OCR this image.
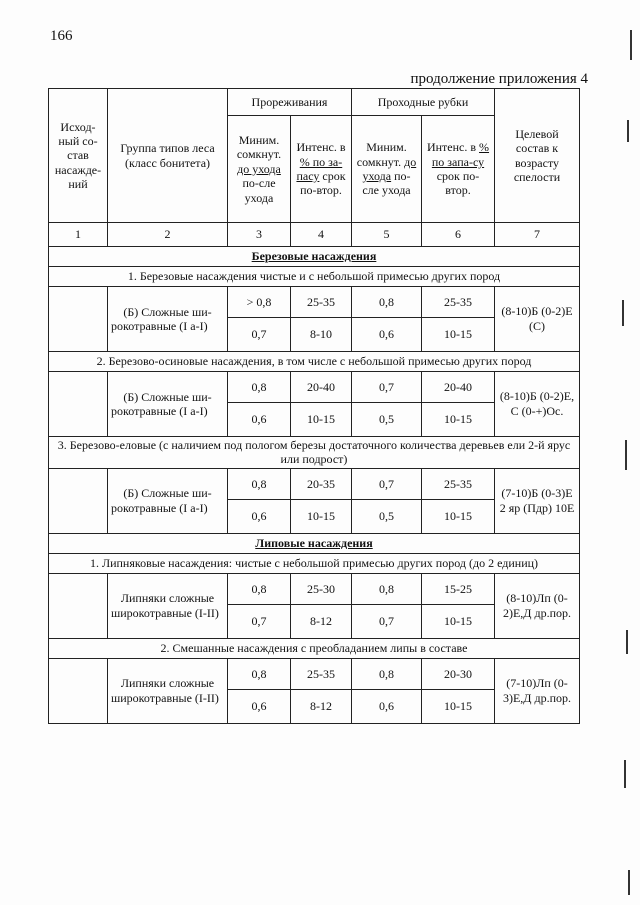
166
продолжение приложения 4
Исход-ный со-став насажде-ний	Группа типов леса (класс бонитета)	Прореживания		Проходные рубки		Целевой состав к возрасту спелости
		Миним. сомкнут. до ухода по-сле ухода	Интенс. в % по за-пасу срок по-втор.	Миним. сомкнут. до ухода по-сле ухода	Интенс. в % по запа-су срок по-втор.	
1	2	3	4	5	6	7
Березовые насаждения						
1. Березовые насаждения чистые и с небольшой примесью других пород						
	(Б) Сложные ши-рокотравные (I а-I)	> 0,8	25-35	0,8	25-35	(8-10)Б (0-2)Е (С)
		0,7	8-10	0,6	10-15	
2. Березово-осиновые насаждения, в том числе с небольшой примесью других пород						
	(Б) Сложные ши-рокотравные (I а-I)	0,8	20-40	0,7	20-40	(8-10)Б (0-2)Е, С (0-+)Ос.
		0,6	10-15	0,5	10-15	
3. Березово-еловые (с наличием под пологом березы достаточного количества деревьев ели 2-й ярус или подрост)						
	(Б) Сложные ши-рокотравные (I а-I)	0,8	20-35	0,7	25-35	(7-10)Б (0-3)Е 2 яр (Пдр) 10Е
		0,6	10-15	0,5	10-15	
Липовые насаждения						
1. Липняковые насаждения: чистые с небольшой примесью других пород (до 2 единиц)						
	Липняки сложные широкотравные (I-II)	0,8	25-30	0,8	15-25	(8-10)Лп (0-2)Е,Д др.пор.
		0,7	8-12	0,7	10-15	
2. Смешанные насаждения с преобладанием липы в составе						
	Липняки сложные широкотравные (I-II)	0,8	25-35	0,8	20-30	(7-10)Лп (0-3)Е,Д др.пор.
		0,6	8-12	0,6	10-15	
